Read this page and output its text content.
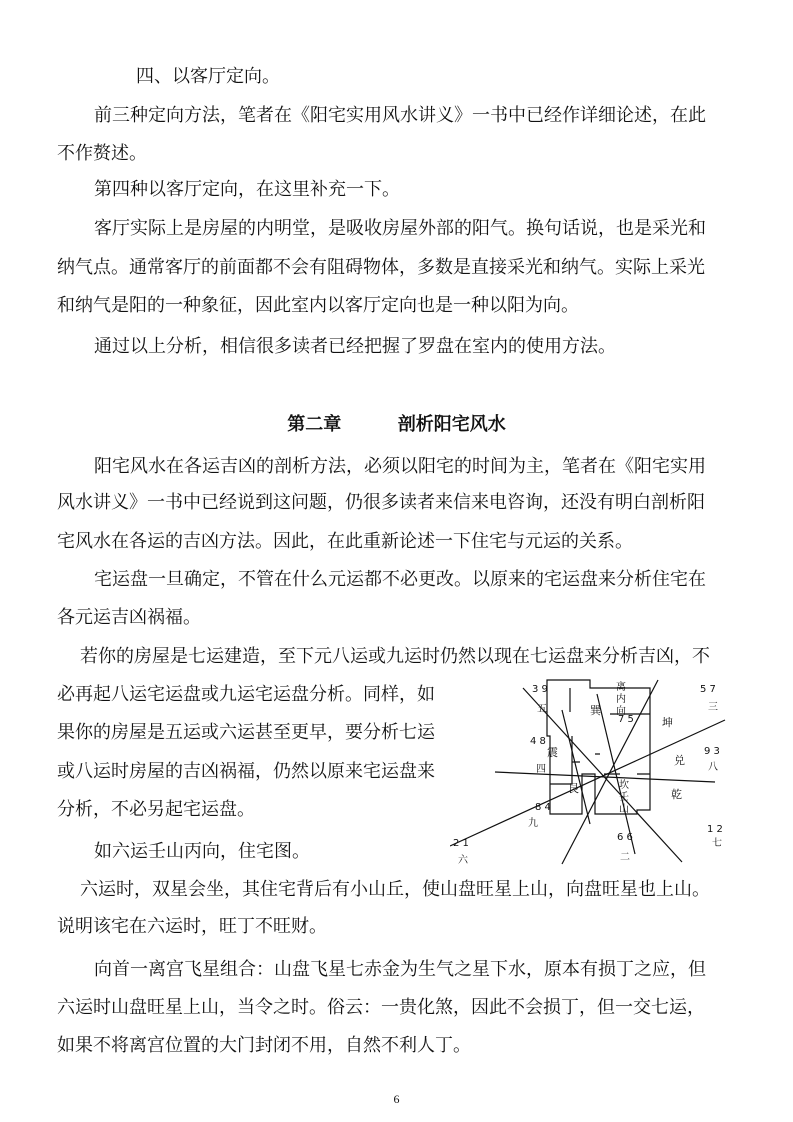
四、以客厅定向。
前三种定向方法，笔者在《阳宅实用风水讲义》一书中已经作详细论述，在此
不作赘述。
第四种以客厅定向，在这里补充一下。
客厅实际上是房屋的内明堂，是吸收房屋外部的阳气。换句话说，也是采光和
纳气点。通常客厅的前面都不会有阻碍物体，多数是直接采光和纳气。实际上采光
和纳气是阳的一种象征，因此室内以客厅定向也是一种以阳为向。
通过以上分析，相信很多读者已经把握了罗盘在室内的使用方法。
第二章	剖析阳宅风水
阳宅风水在各运吉凶的剖析方法，必须以阳宅的时间为主，笔者在《阳宅实用
风水讲义》一书中已经说到这问题，仍很多读者来信来电咨询，还没有明白剖析阳
宅风水在各运的吉凶方法。因此，在此重新论述一下住宅与元运的关系。
宅运盘一旦确定，不管在什么元运都不必更改。以原来的宅运盘来分析住宅在
各元运吉凶祸福。
若你的房屋是七运建造，至下元八运或九运时仍然以现在七运盘来分析吉凶，不
必再起八运宅运盘或九运宅运盘分析。同样，如
果你的房屋是五运或六运甚至更早，要分析七运
或八运时房屋的吉凶祸福，仍然以原来宅运盘来
分析，不必另起宅运盘。
如六运壬山丙向，住宅图。
六运时，双星会坐，其住宅背后有小山丘，使山盘旺星上山，向盘旺星也上山。
说明该宅在六运时，旺丁不旺财。
向首一离宫飞星组合：山盘飞星七赤金为生气之星下水，原本有损丁之应，但
六运时山盘旺星上山，当令之时。俗云：一贵化煞，因此不会损丁，但一交七运，
如果不将离宫位置的大门封闭不用，自然不利人丁。
3 9
五	巽
离内向
7 5
5 7
三
坤
4 8
震
四
9 3
八
兑
艮
8 4
九
坎壬山
6 6
二
乾
1 2
七
2 1
六
6
